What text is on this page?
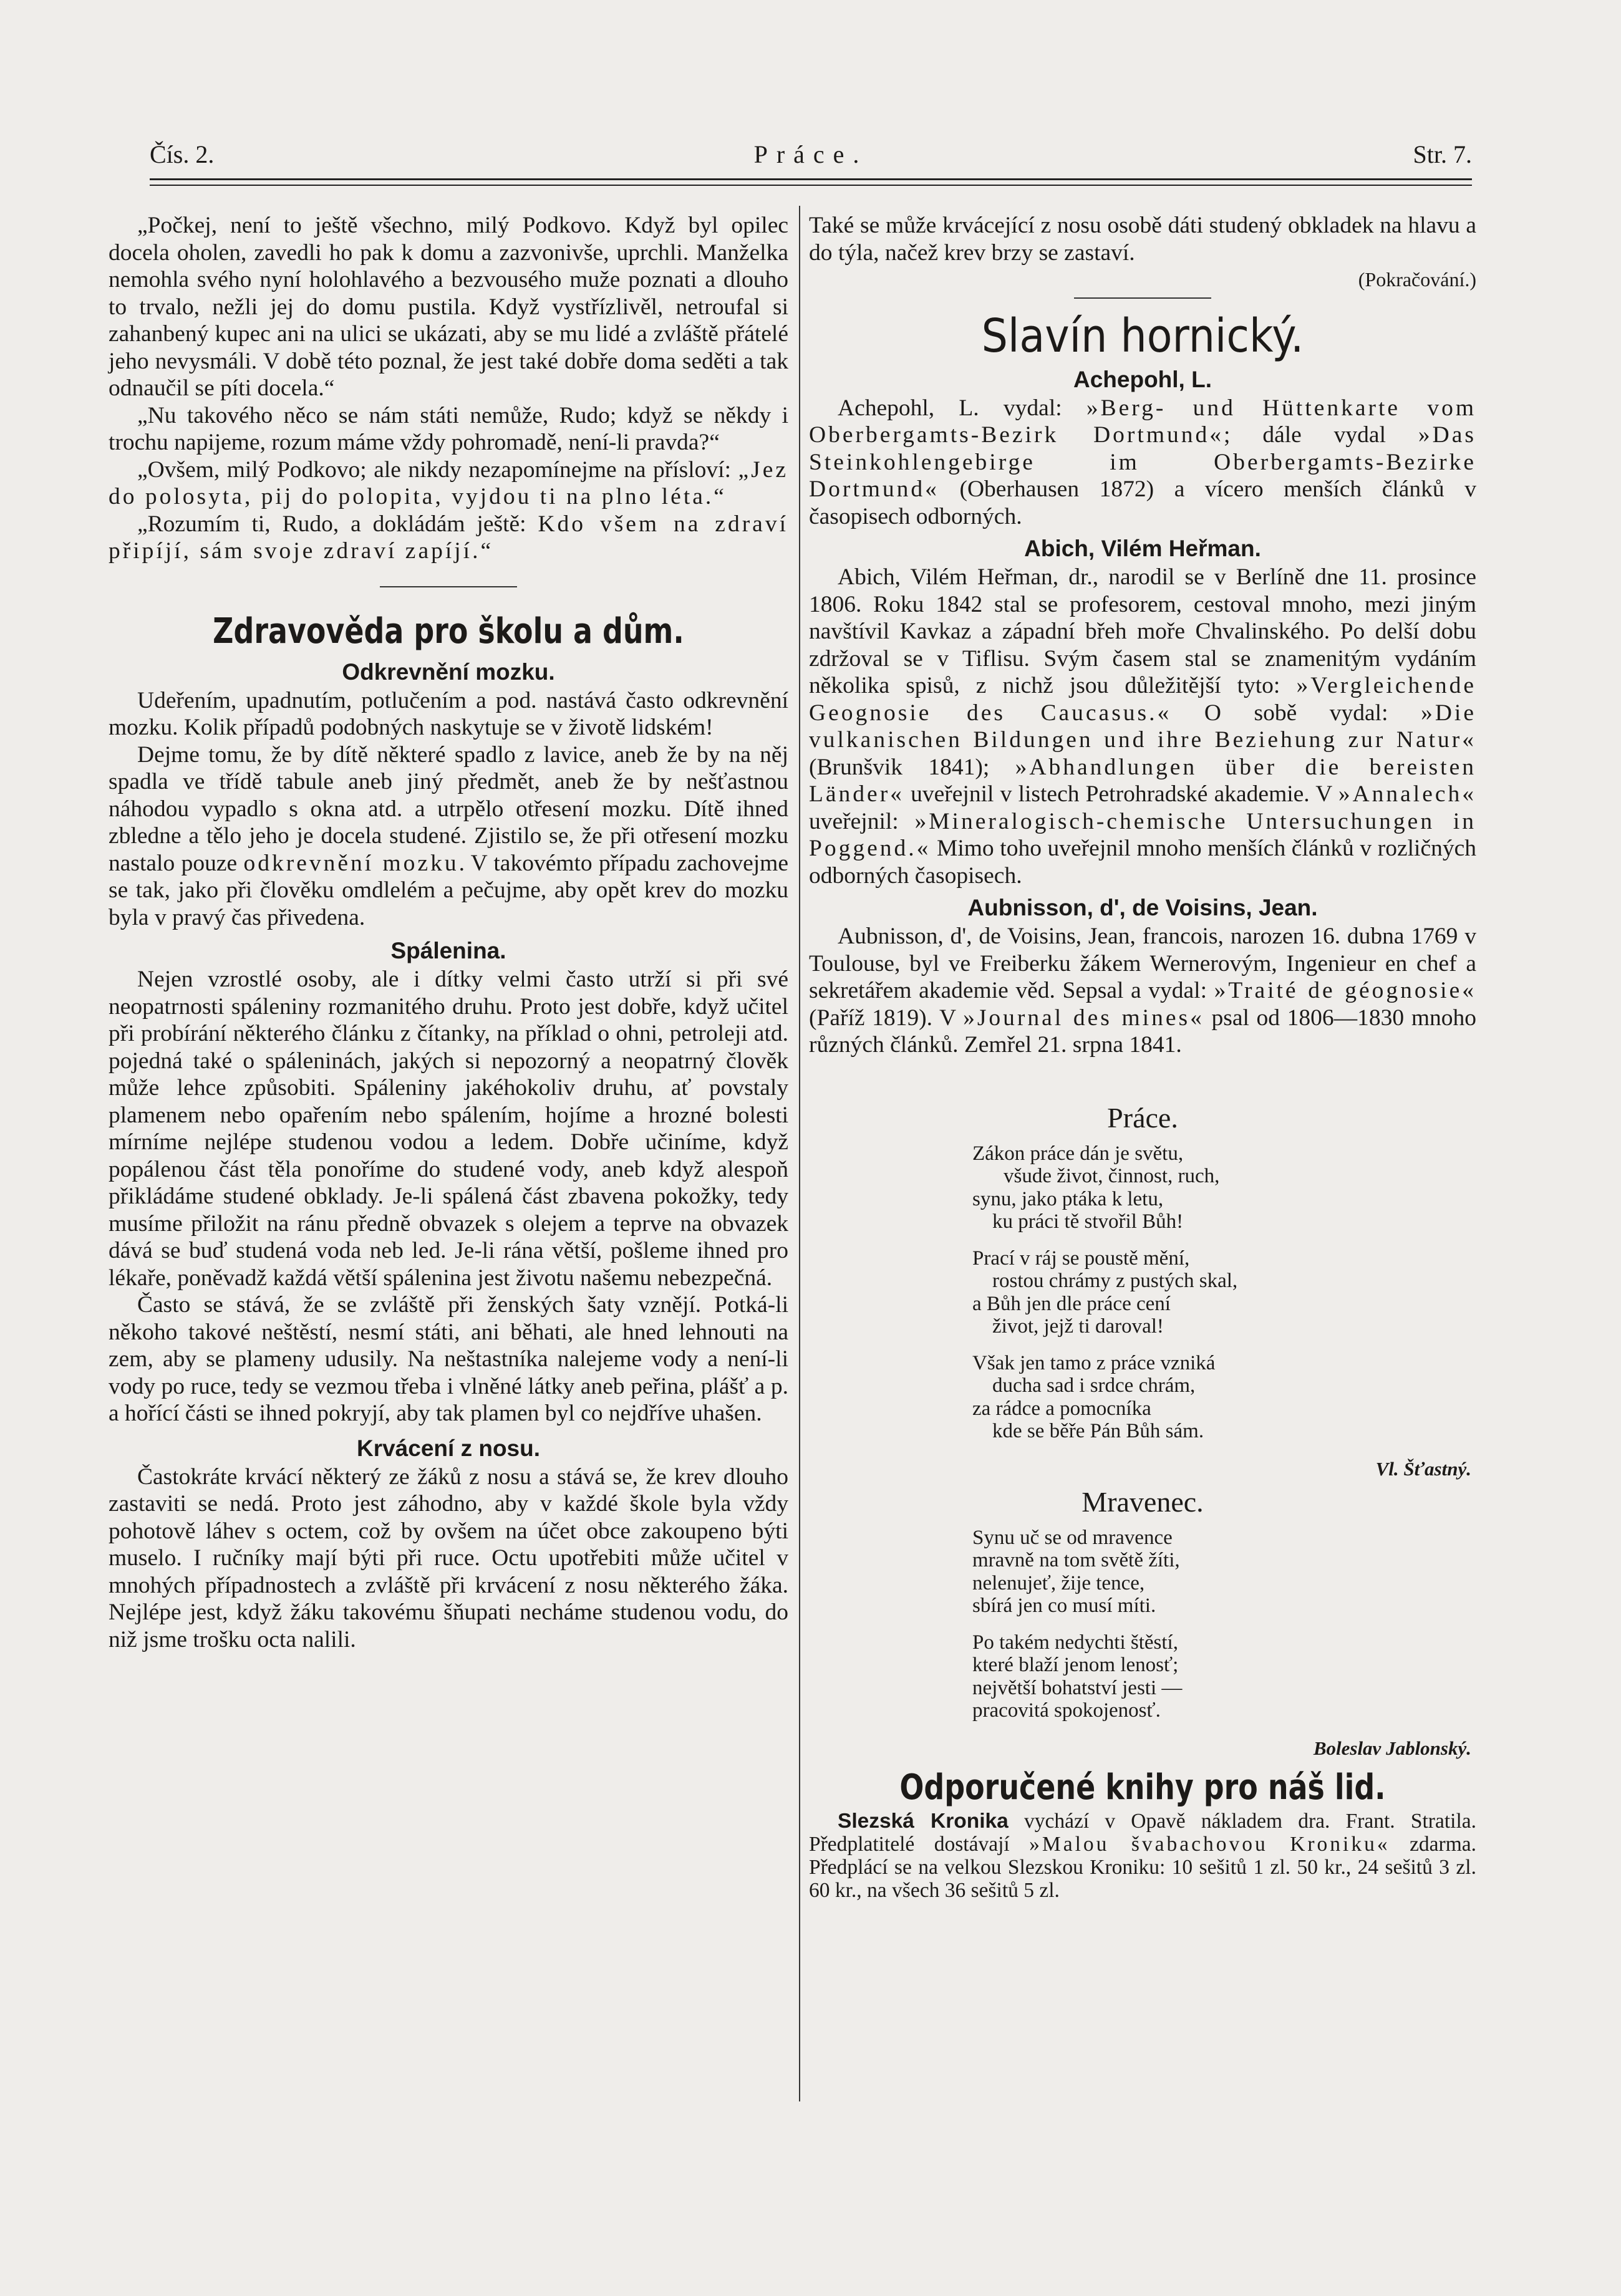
Čís. 2.	Práce.	Str. 7.

„Počkej, není to ještě všechno, milý Podkovo. Když byl opilec docela oholen, zavedli ho pak k domu a zazvonivše, uprchli. Manželka nemohla svého nyní holohlavého a bezvousého muže poznati a dlouho to trvalo, nežli jej do domu pustila. Když vystřízlivěl, netroufal si zahanbený kupec ani na ulici se ukázati, aby se mu lidé a zvláště přátelé jeho nevysmáli. V době této poznal, že jest také dobře doma seděti a tak odnaučil se píti docela.“

„Nu takového něco se nám státi nemůže, Rudo; když se někdy i trochu napijeme, rozum máme vždy pohromadě, není-li pravda?“

„Ovšem, milý Podkovo; ale nikdy nezapomínejme na přísloví: „Jez do polosyta, pij do polopita, vyjdou ti na plno léta.“

„Rozumím ti, Rudo, a dokládám ještě: Kdo všem na zdraví připíjí, sám svoje zdraví zapíjí.“

Zdravověda pro školu a dům.
Odkrevnění mozku.

Udeřením, upadnutím, potlučením a pod. nastává často odkrevnění mozku. Kolik případů podobných naskytuje se v životě lidském!

Dejme tomu, že by dítě některé spadlo z lavice, aneb že by na něj spadla ve třídě tabule aneb jiný předmět, aneb že by nešťastnou náhodou vypadlo s okna atd. a utrpělo otřesení mozku. Dítě ihned zbledne a tělo jeho je docela studené. Zjistilo se, že při otřesení mozku nastalo pouze odkrevnění mozku. V takovémto případu zachovejme se tak, jako při člověku omdlelém a pečujme, aby opět krev do mozku byla v pravý čas přivedena.

Spálenina.

Nejen vzrostlé osoby, ale i dítky velmi často utrží si při své neopatrnosti spáleniny rozmanitého druhu. Proto jest dobře, když učitel při probírání některého článku z čítanky, na příklad o ohni, petroleji atd. pojedná také o spáleninách, jakých si nepozorný a neopatrný člověk může lehce způsobiti. Spáleniny jakéhokoliv druhu, ať povstaly plamenem nebo opařením nebo spálením, hojíme a hrozné bolesti mírníme nejlépe studenou vodou a ledem. Dobře učiníme, když popálenou část těla ponoříme do studené vody, aneb když alespoň přikládáme studené obklady. Je-li spálená část zbavena pokožky, tedy musíme přiložit na ránu předně obvazek s olejem a teprve na obvazek dává se buď studená voda neb led. Je-li rána větší, pošleme ihned pro lékaře, poněvadž každá větší spálenina jest životu našemu nebezpečná.

Často se stává, že se zvláště při ženských šaty vznějí. Potká-li někoho takové neštěstí, nesmí státi, ani běhati, ale hned lehnouti na zem, aby se plameny udusily. Na neštastníka nalejeme vody a není-li vody po ruce, tedy se vezmou třeba i vlněné látky aneb peřina, plášť a p. a hořící části se ihned pokryjí, aby tak plamen byl co nejdříve uhašen.

Krvácení z nosu.

Častokráte krvácí některý ze žáků z nosu a stává se, že krev dlouho zastaviti se nedá. Proto jest záhodno, aby v každé škole byla vždy pohotově láhev s octem, což by ovšem na účet obce zakoupeno býti muselo. I ručníky mají býti při ruce. Octu upotřebiti může učitel v mnohých případnostech a zvláště při krvácení z nosu některého žáka. Nejlépe jest, když žáku takovému šňupati necháme studenou vodu, do niž jsme trošku octa nalili.

Také se může krvácející z nosu osobě dáti studený obkladek na hlavu a do týla, načež krev brzy se zastaví.

(Pokračování.)
Slavín hornický.
Achepohl, L.

Achepohl, L. vydal: »Berg- und Hüttenkarte vom Oberbergamts-Bezirk Dortmund«; dále vydal »Das Steinkohlengebirge im Oberbergamts-Bezirke Dortmund« (Oberhausen 1872) a vícero menších článků v časopisech odborných.

Abich, Vilém Heřman.

Abich, Vilém Heřman, dr., narodil se v Berlíně dne 11. prosince 1806. Roku 1842 stal se profesorem, cestoval mnoho, mezi jiným navštívil Kavkaz a západní břeh moře Chvalinského. Po delší dobu zdržoval se v Tiflisu. Svým časem stal se znamenitým vydáním několika spisů, z nichž jsou důležitější tyto: »Vergleichende Geognosie des Caucasus.« O sobě vydal: »Die vulkanischen Bildungen und ihre Beziehung zur Natur« (Brunšvik 1841); »Abhandlungen über die bereisten Länder« uveřejnil v listech Petrohradské akademie. V »Annalech« uveřejnil: »Mineralogisch-chemische Untersuchungen in Poggend.« Mimo toho uveřejnil mnoho menších článků v rozličných odborných časopisech.

Aubnisson, d', de Voisins, Jean.

Aubnisson, d', de Voisins, Jean, francois, narozen 16. dubna 1769 v Toulouse, byl ve Freiberku žákem Wernerovým, Ingenieur en chef a sekretářem akademie věd. Sepsal a vydal: »Traité de géognosie« (Paříž 1819). V »Journal des mines« psal od 1806—1830 mnoho různých článků. Zemřel 21. srpna 1841.

Práce.
Zákon práce dán je světu,
všude život, činnost, ruch,
synu, jako ptáka k letu,
ku práci tě stvořil Bůh!
Prací v ráj se poustě mění,
rostou chrámy z pustých skal,
a Bůh jen dle práce cení
život, jejž ti daroval!
Však jen tamo z práce vzniká
ducha sad i srdce chrám,
za rádce a pomocníka
kde se běře Pán Bůh sám.
Vl. Šťastný.
Mravenec.
Synu uč se od mravence
mravně na tom světě žíti,
nelenujeť, žije tence,
sbírá jen co musí míti.
Po takém nedychti štěstí,
které blaží jenom lenosť;
největší bohatství jesti —
pracovitá spokojenosť.
Boleslav Jablonský.
Odporučené knihy pro náš lid.

Slezská Kronika vychází v Opavě nákladem dra. Frant. Stratila. Předplatitelé dostávají »Malou švabachovou Kroniku« zdarma. Předplácí se na velkou Slezskou Kroniku: 10 sešitů 1 zl. 50 kr., 24 sešitů 3 zl. 60 kr., na všech 36 sešitů 5 zl.
